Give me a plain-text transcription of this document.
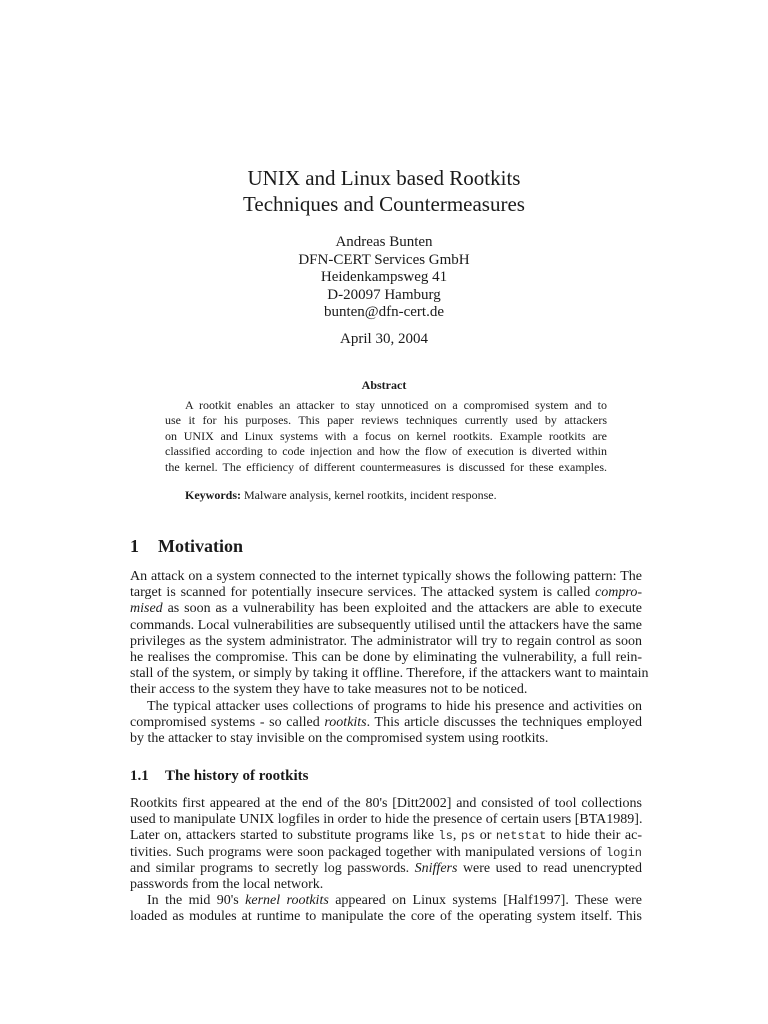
UNIX and Linux based Rootkits
Techniques and Countermeasures
Andreas Bunten
DFN-CERT Services GmbH
Heidenkampsweg 41
D-20097 Hamburg
bunten@dfn-cert.de
April 30, 2004
Abstract
A rootkit enables an attacker to stay unnoticed on a compromised system and to
use it for his purposes. This paper reviews techniques currently used by attackers
on UNIX and Linux systems with a focus on kernel rootkits. Example rootkits are
classified according to code injection and how the flow of execution is diverted within
the kernel. The efficiency of different countermeasures is discussed for these examples.
Keywords: Malware analysis, kernel rootkits, incident response.
1 Motivation
An attack on a system connected to the internet typically shows the following pattern: The
target is scanned for potentially insecure services. The attacked system is called compro-
mised as soon as a vulnerability has been exploited and the attackers are able to execute
commands. Local vulnerabilities are subsequently utilised until the attackers have the same
privileges as the system administrator. The administrator will try to regain control as soon
he realises the compromise. This can be done by eliminating the vulnerability, a full rein-
stall of the system, or simply by taking it offline. Therefore, if the attackers want to maintain
their access to the system they have to take measures not to be noticed.
The typical attacker uses collections of programs to hide his presence and activities on
compromised systems - so called rootkits. This article discusses the techniques employed
by the attacker to stay invisible on the compromised system using rootkits.
1.1 The history of rootkits
Rootkits first appeared at the end of the 80's [Ditt2002] and consisted of tool collections
used to manipulate UNIX logfiles in order to hide the presence of certain users [BTA1989].
Later on, attackers started to substitute programs like ls, ps or netstat to hide their ac-
tivities. Such programs were soon packaged together with manipulated versions of login
and similar programs to secretly log passwords. Sniffers were used to read unencrypted
passwords from the local network.
In the mid 90's kernel rootkits appeared on Linux systems [Half1997]. These were
loaded as modules at runtime to manipulate the core of the operating system itself. This
